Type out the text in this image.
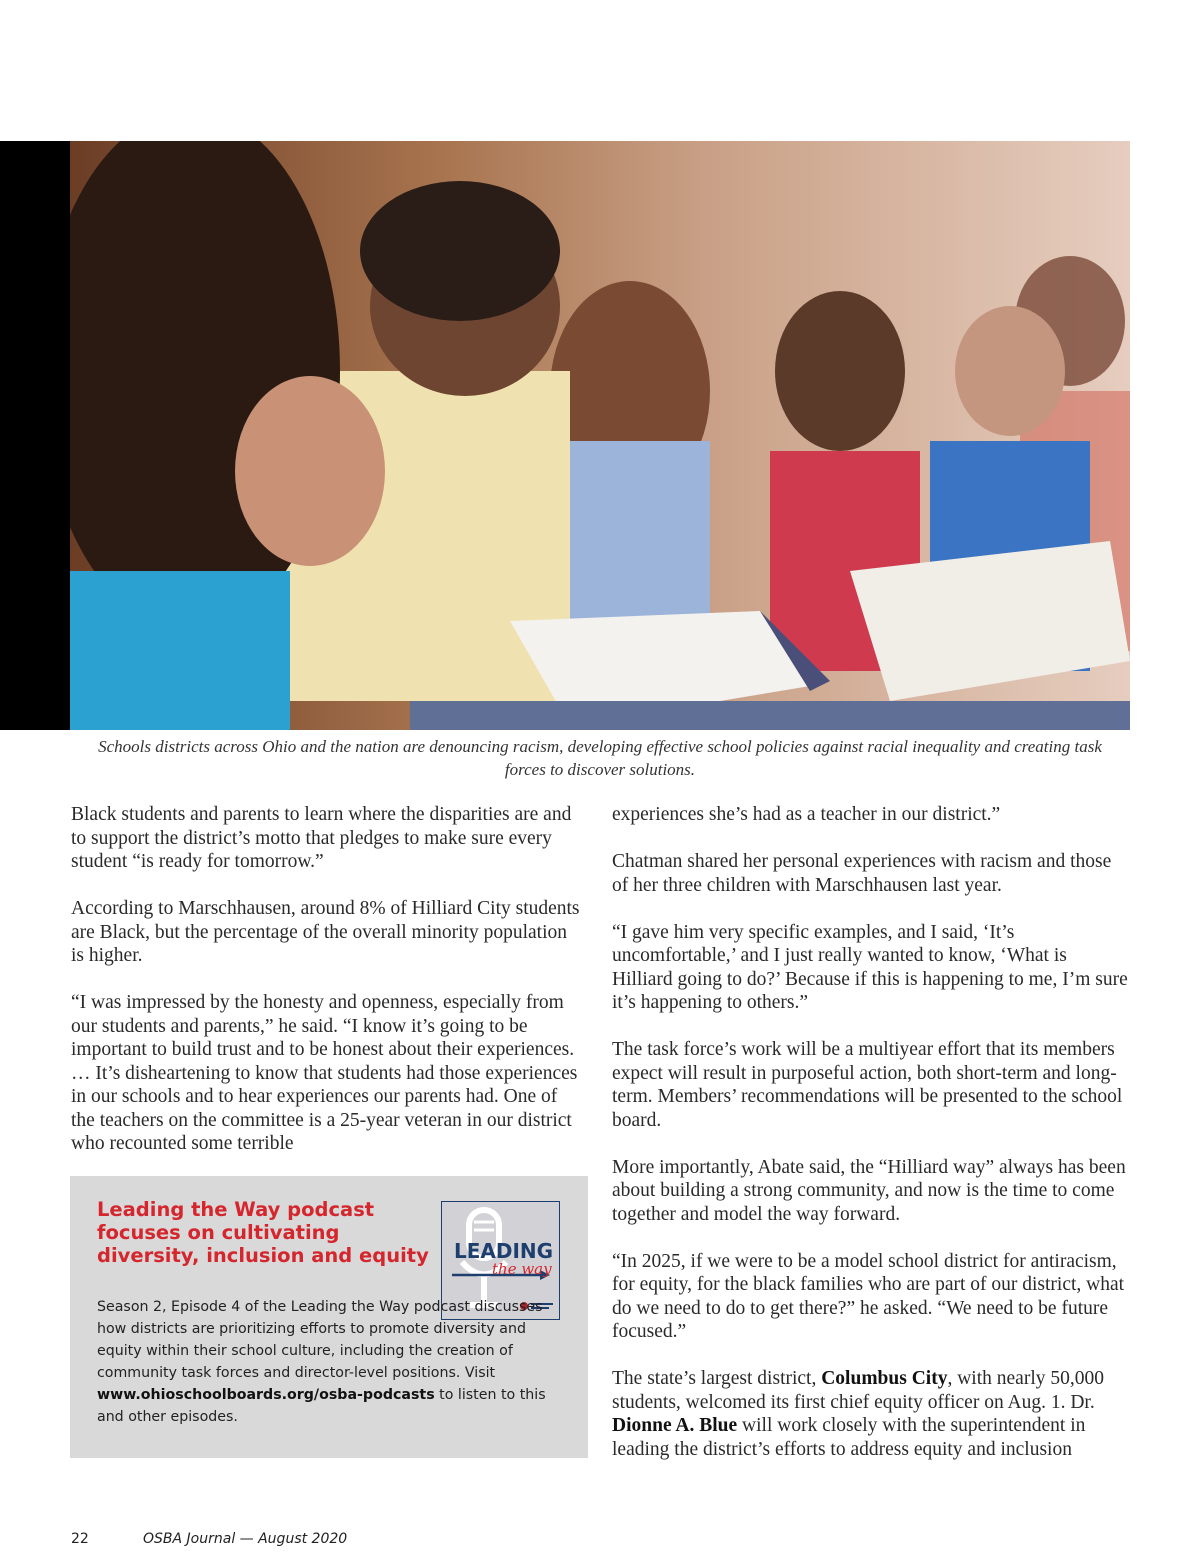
Schools districts across Ohio and the nation are denouncing racism, developing effective school policies against racial inequality and creating task forces to discover solutions.

Black students and parents to learn where the disparities are and to support the district’s motto that pledges to make sure every student “is ready for tomorrow.”

According to Marschhausen, around 8% of Hilliard City students are Black, but the percentage of the overall minority population is higher.

“I was impressed by the honesty and openness, especially from our students and parents,” he said. “I know it’s going to be important to build trust and to be honest about their experiences. … It’s disheartening to know that students had those experiences in our schools and to hear experiences our parents had. One of the teachers on the committee is a 25-year veteran in our district who recounted some terrible

Leading the Way podcast focuses on cultivating diversity, inclusion and equity	LEADING
the way
Season 2, Episode 4 of the Leading the Way podcast discusses how districts are prioritizing efforts to promote diversity and equity within their school culture, including the creation of community task forces and director-level positions. Visit www.ohioschoolboards.org/osba-podcasts to listen to this and other episodes.

experiences she’s had as a teacher in our district.”

Chatman shared her personal experiences with racism and those of her three children with Marschhausen last year.

“I gave him very specific examples, and I said, ‘It’s uncomfortable,’ and I just really wanted to know, ‘What is Hilliard going to do?’ Because if this is happening to me, I’m sure it’s happening to others.”

The task force’s work will be a multiyear effort that its members expect will result in purposeful action, both short-term and long-term. Members’ recommendations will be presented to the school board.

More importantly, Abate said, the “Hilliard way” always has been about building a strong community, and now is the time to come together and model the way forward.

“In 2025, if we were to be a model school district for antiracism, for equity, for the black families who are part of our district, what do we need to do to get there?” he asked. “We need to be future focused.”

The state’s largest district, Columbus City, with nearly 50,000 students, welcomed its first chief equity officer on Aug. 1. Dr. Dionne A. Blue will work closely with the superintendent in leading the district’s efforts to address equity and inclusion

22	OSBA Journal — August 2020
